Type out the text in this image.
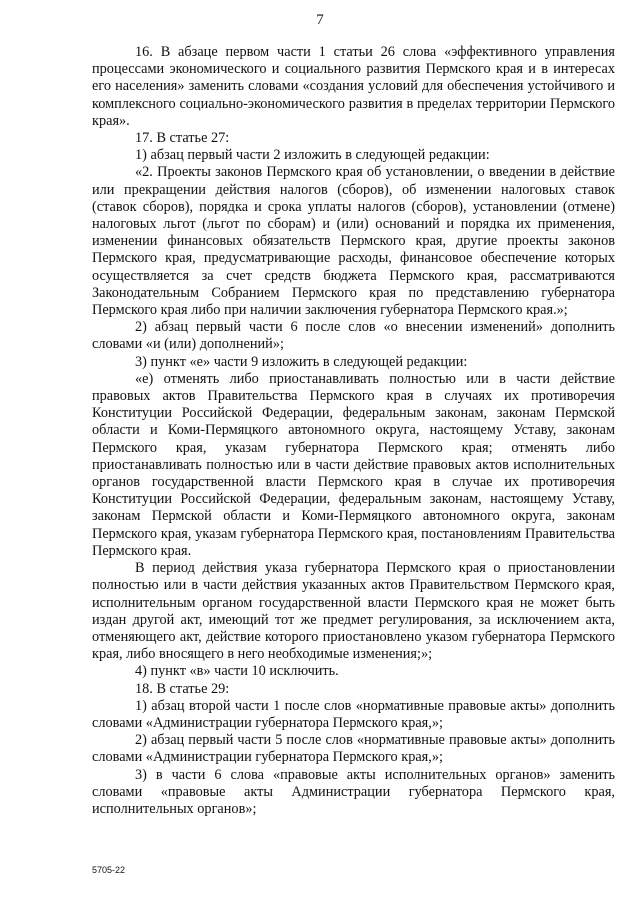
7

16. В абзаце первом части 1 статьи 26 слова «эффективного управления процессами экономического и социального развития Пермского края и в интересах его населения» заменить словами «создания условий для обеспечения устойчивого и комплексного социально-экономического развития в пределах территории Пермского края».

17. В статье 27:

1) абзац первый части 2 изложить в следующей редакции:

«2. Проекты законов Пермского края об установлении, о введении в действие или прекращении действия налогов (сборов), об изменении налоговых ставок (ставок сборов), порядка и срока уплаты налогов (сборов), установлении (отмене) налоговых льгот (льгот по сборам) и (или) оснований и порядка их применения, изменении финансовых обязательств Пермского края, другие проекты законов Пермского края, предусматривающие расходы, финансовое обеспечение которых осуществляется за счет средств бюджета Пермского края, рассматриваются Законодательным Собранием Пермского края по представлению губернатора Пермского края либо при наличии заключения губернатора Пермского края.»;

2) абзац первый части 6 после слов «о внесении изменений» дополнить словами «и (или) дополнений»;

3) пункт «е» части 9 изложить в следующей редакции:

«е) отменять либо приостанавливать полностью или в части действие правовых актов Правительства Пермского края в случаях их противоречия Конституции Российской Федерации, федеральным законам, законам Пермской области и Коми-Пермяцкого автономного округа, настоящему Уставу, законам Пермского края, указам губернатора Пермского края; отменять либо приостанавливать полностью или в части действие правовых актов исполнительных органов государственной власти Пермского края в случае их противоречия Конституции Российской Федерации, федеральным законам, настоящему Уставу, законам Пермской области и Коми-Пермяцкого автономного округа, законам Пермского края, указам губернатора Пермского края, постановлениям Правительства Пермского края.

В период действия указа губернатора Пермского края о приостановлении полностью или в части действия указанных актов Правительством Пермского края, исполнительным органом государственной власти Пермского края не может быть издан другой акт, имеющий тот же предмет регулирования, за исключением акта, отменяющего акт, действие которого приостановлено указом губернатора Пермского края, либо вносящего в него необходимые изменения;»;

4) пункт «в» части 10 исключить.

18. В статье 29:

1) абзац второй части 1 после слов «нормативные правовые акты» дополнить словами «Администрации губернатора Пермского края,»;

2) абзац первый части 5 после слов «нормативные правовые акты» дополнить словами «Администрации губернатора Пермского края,»;

3) в части 6 слова «правовые акты исполнительных органов» заменить словами «правовые акты Администрации губернатора Пермского края, исполнительных органов»;

5705-22
